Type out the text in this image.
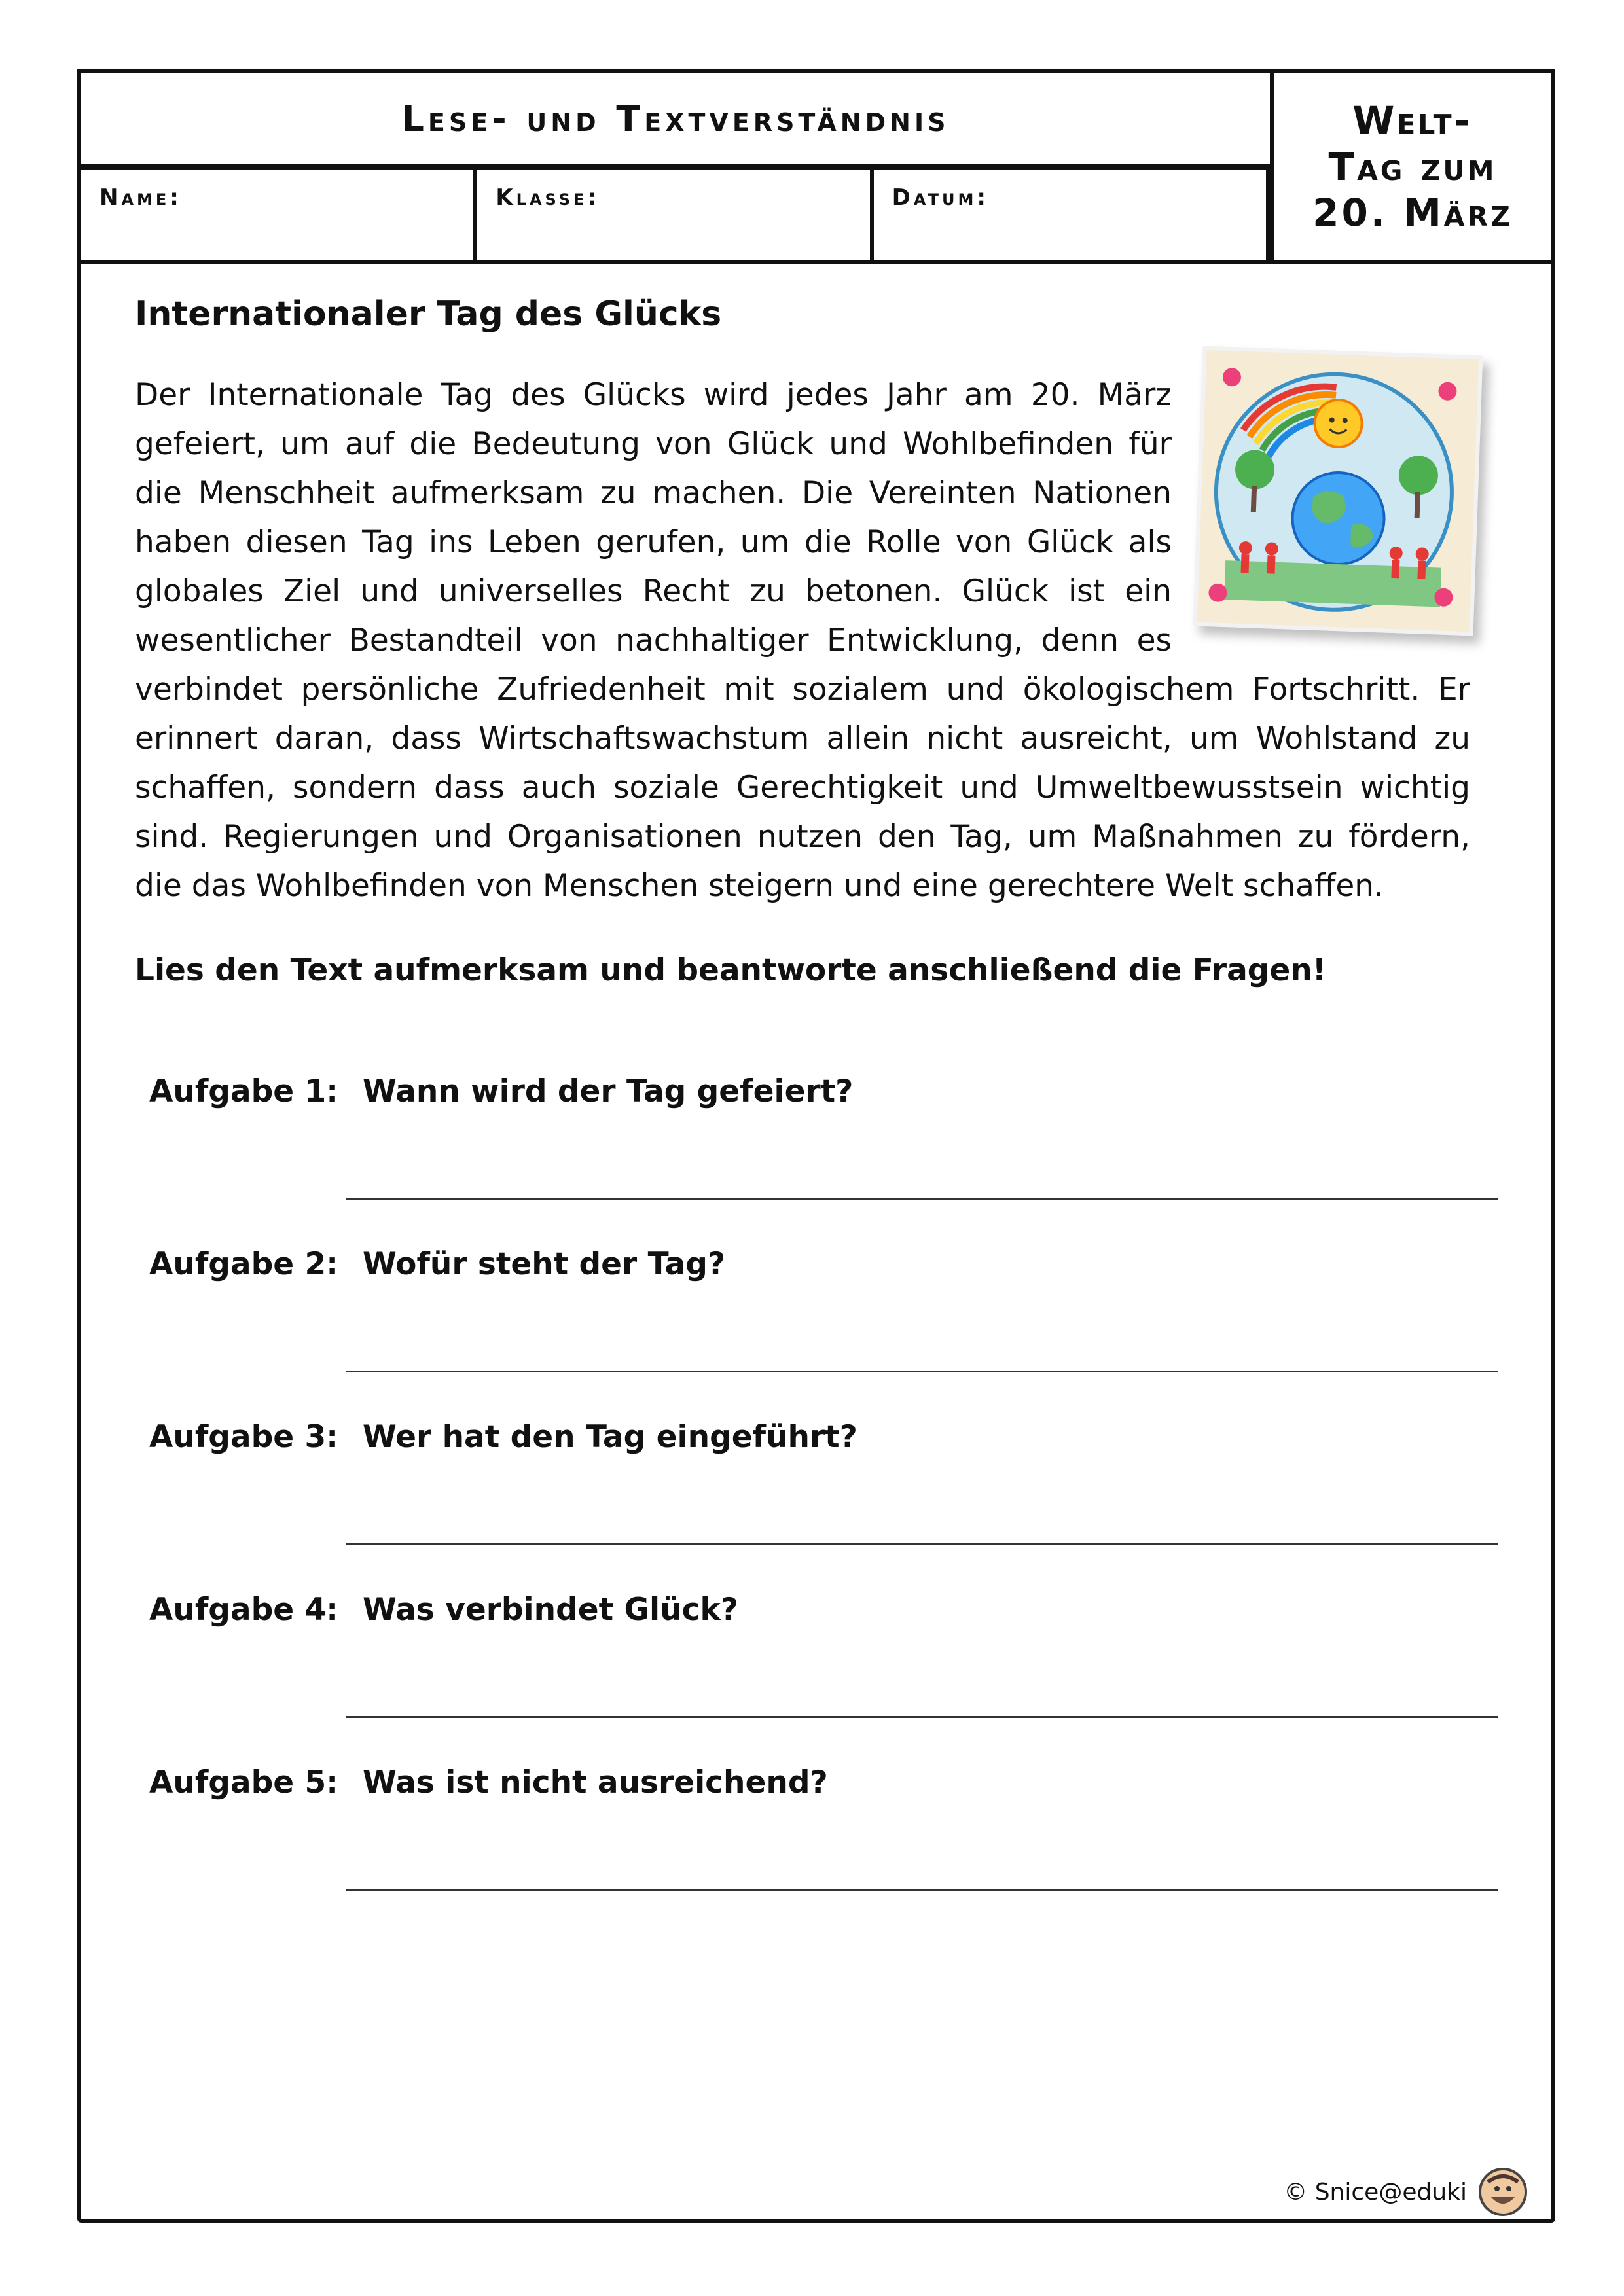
Lese- und Textverständnis
Name:	Klasse:	Datum:
Welt-
Tag zum
20. März
Internationaler Tag des Glücks

Der Internationale Tag des Glücks wird jedes Jahr am 20. März gefeiert, um auf die Bedeutung von Glück und Wohlbefinden für die Menschheit aufmerksam zu machen. Die Vereinten Nationen haben diesen Tag ins Leben gerufen, um die Rolle von Glück als globales Ziel und universelles Recht zu betonen. Glück ist ein wesentlicher Bestandteil von nachhaltiger Entwicklung, denn es verbindet persönliche Zufriedenheit mit sozialem und ökologischem Fortschritt. Er erinnert daran, dass Wirtschaftswachstum allein nicht ausreicht, um Wohlstand zu schaffen, sondern dass auch soziale Gerechtigkeit und Umweltbewusstsein wichtig sind. Regierungen und Organisationen nutzen den Tag, um Maßnahmen zu fördern, die das Wohlbefinden von Menschen steigern und eine gerechtere Welt schaffen.

Lies den Text aufmerksam und beantworte anschließend die Fragen!

Aufgabe 1: Wann wird der Tag gefeiert?
Aufgabe 2: Wofür steht der Tag?
Aufgabe 3: Wer hat den Tag eingeführt?
Aufgabe 4: Was verbindet Glück?
Aufgabe 5: Was ist nicht ausreichend?
© Snice@eduki
